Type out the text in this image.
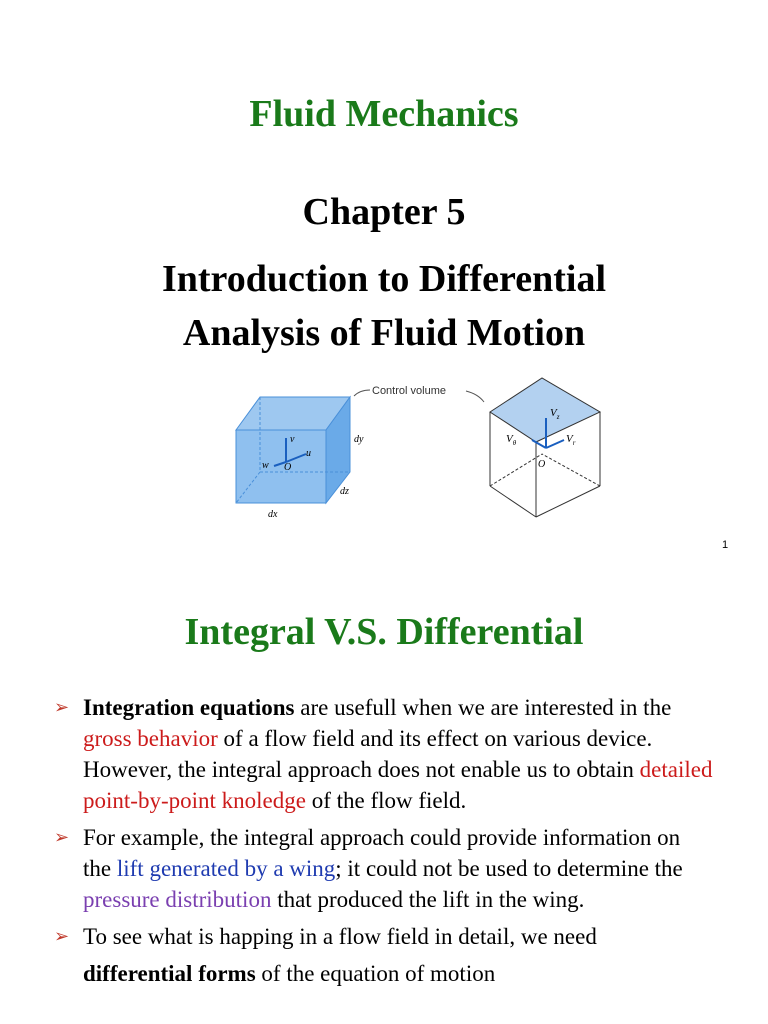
Fluid Mechanics
Chapter 5
Introduction to Differential
Analysis of Fluid Motion
v
u
w O
dy
dz
dx
Control volume
$V_z$
$V_\theta$	$V_r$
O
1
Integral V.S. Differential
➢ Integration equations are usefull when we are interested in the gross behavior of a flow field and its effect on various device. However, the integral approach does not enable us to obtain detailed point-by-point knoledge of the flow field.
➢ For example, the integral approach could provide information on the lift generated by a wing; it could not be used to determine the pressure distribution that produced the lift in the wing.
➢ To see what is happing in a flow field in detail, we need
differential forms of the equation of motion
